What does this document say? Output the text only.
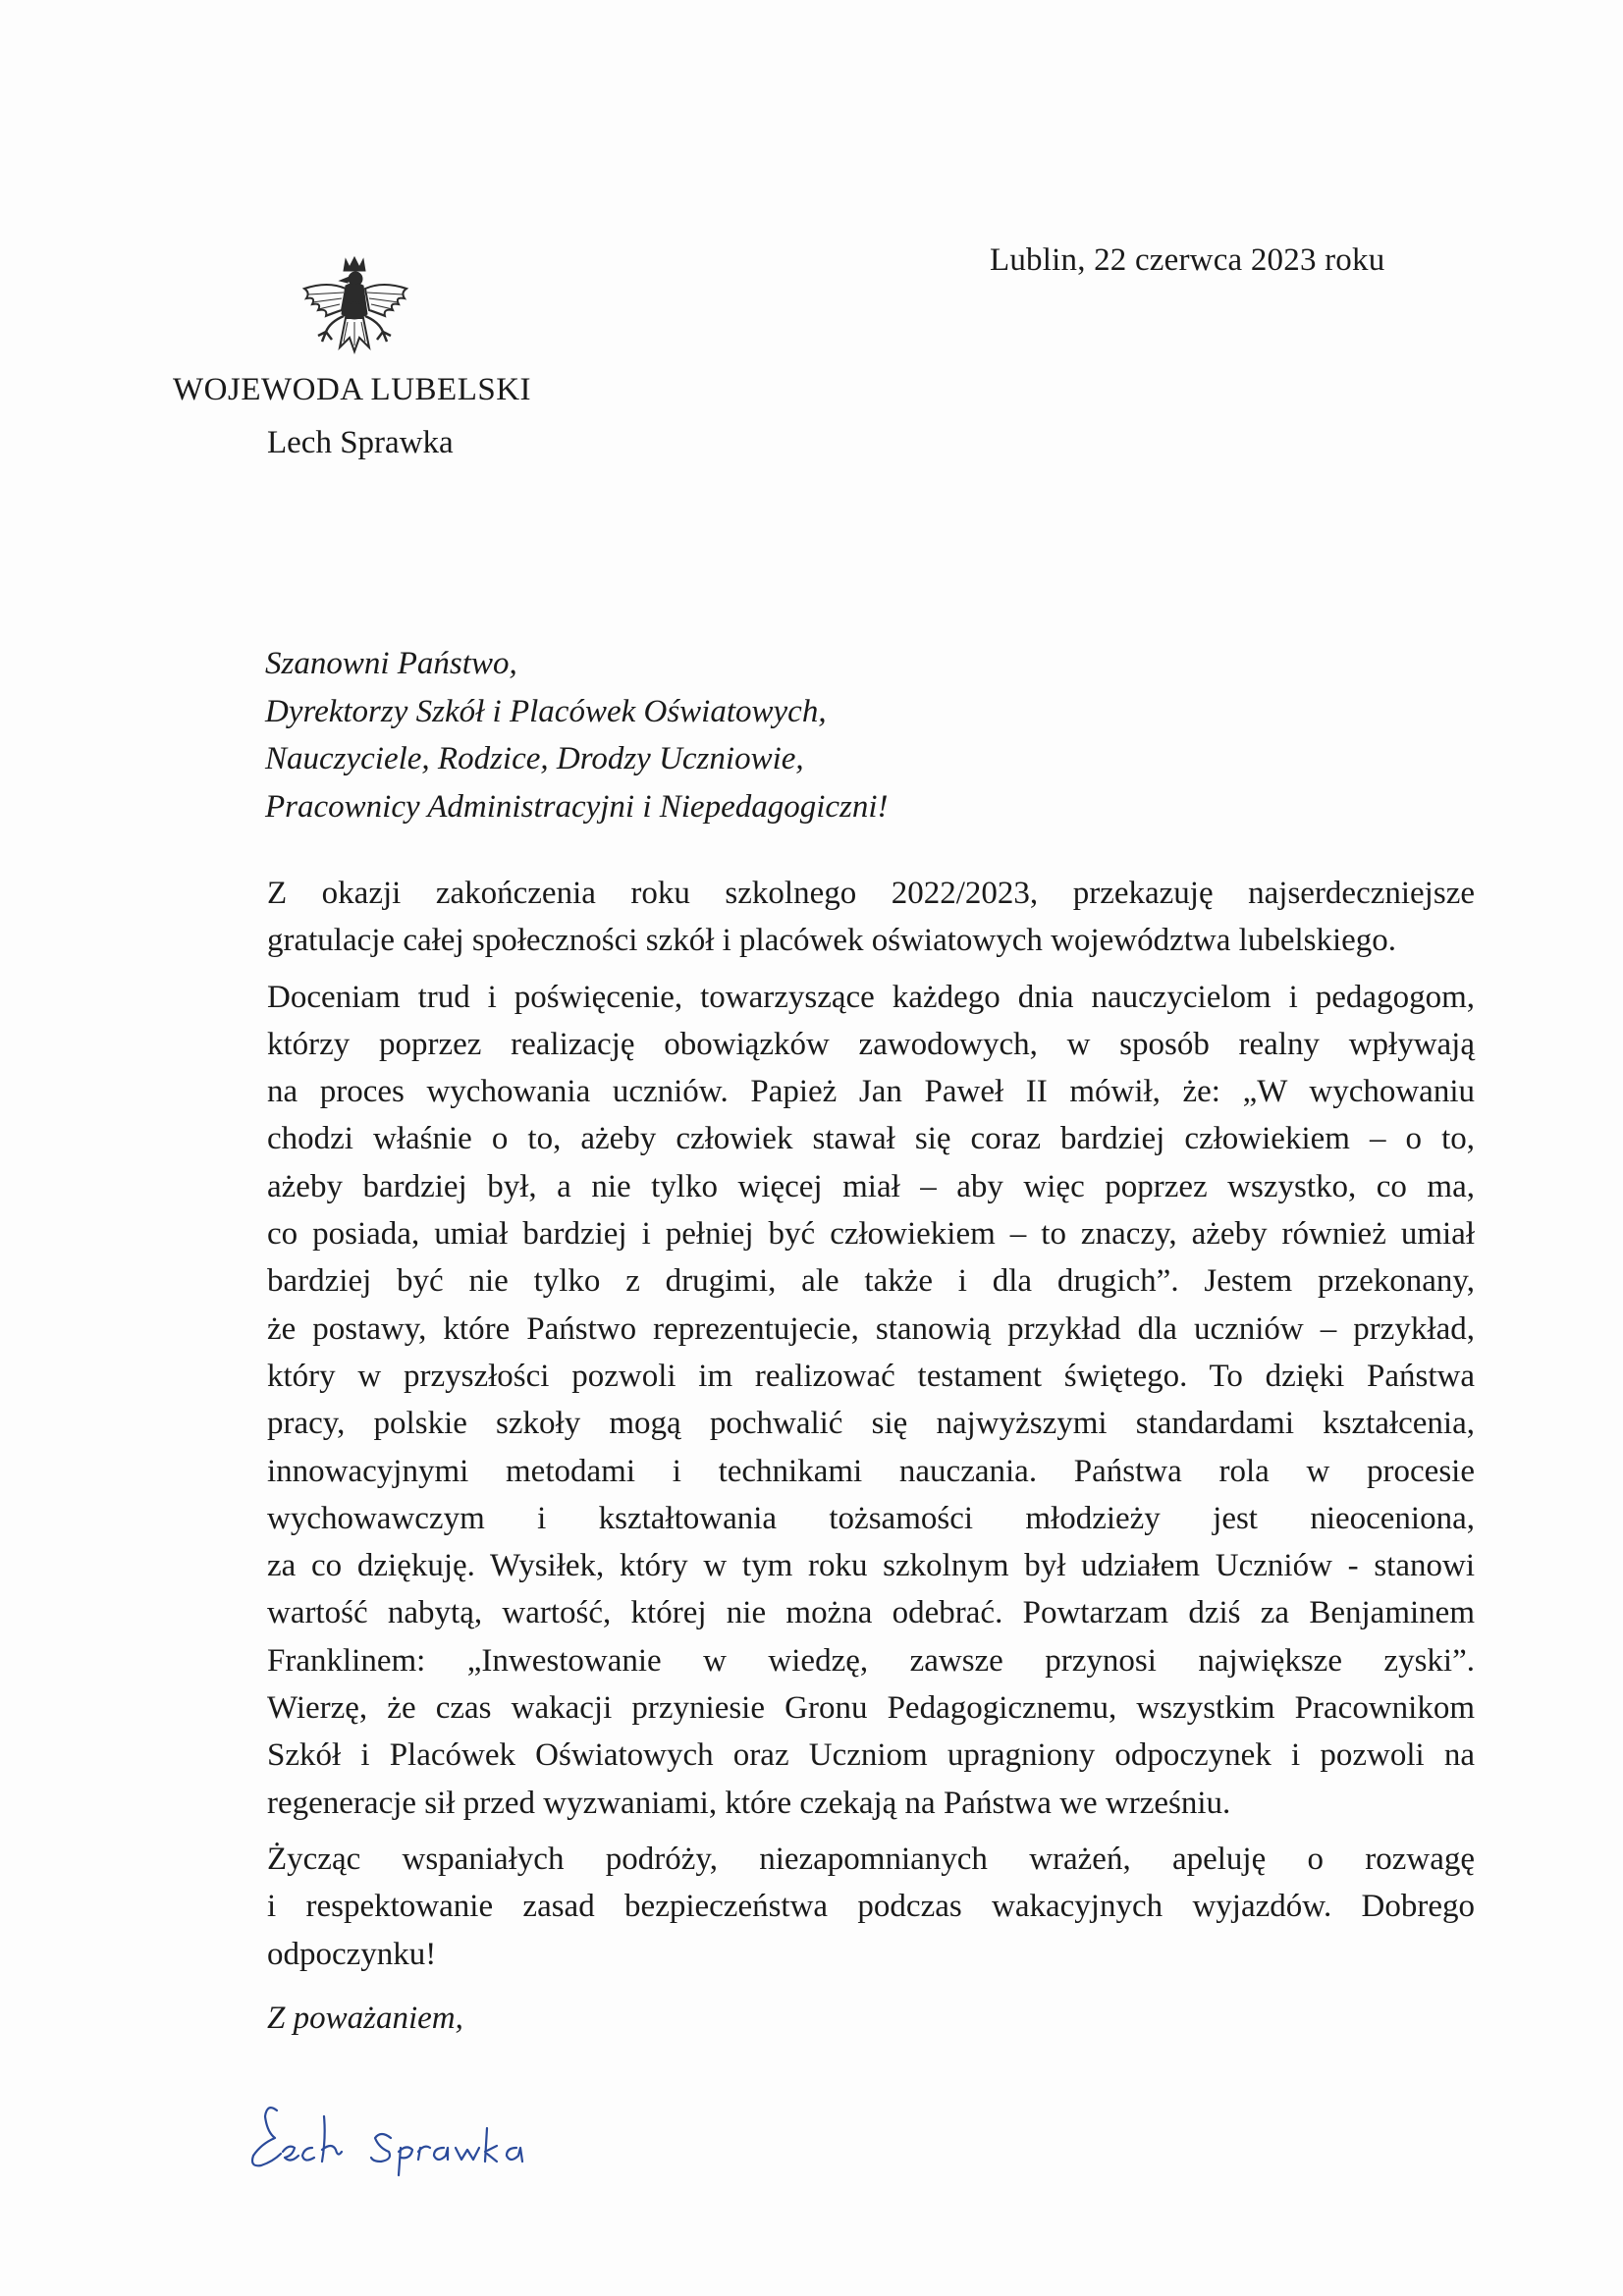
Lublin, 22 czerwca 2023 roku
WOJEWODA LUBELSKI
Lech Sprawka
Szanowni Państwo,
Dyrektorzy Szkół i Placówek Oświatowych,
Nauczyciele, Rodzice, Drodzy Uczniowie,
Pracownicy Administracyjni i Niepedagogiczni!
Z okazji zakończenia roku szkolnego 2022/2023, przekazuję najserdeczniejsze
gratulacje całej społeczności szkół i placówek oświatowych województwa lubelskiego.
Doceniam trud i poświęcenie, towarzyszące każdego dnia nauczycielom i pedagogom,
którzy poprzez realizację obowiązków zawodowych, w sposób realny wpływają
na proces wychowania uczniów. Papież Jan Paweł II mówił, że: „W wychowaniu
chodzi właśnie o to, ażeby człowiek stawał się coraz bardziej człowiekiem – o to,
ażeby bardziej był, a nie tylko więcej miał – aby więc poprzez wszystko, co ma,
co posiada, umiał bardziej i pełniej być człowiekiem – to znaczy, ażeby również umiał
bardziej być nie tylko z drugimi, ale także i dla drugich”. Jestem przekonany,
że postawy, które Państwo reprezentujecie, stanowią przykład dla uczniów – przykład,
który w przyszłości pozwoli im realizować testament świętego. To dzięki Państwa
pracy, polskie szkoły mogą pochwalić się najwyższymi standardami kształcenia,
innowacyjnymi metodami i technikami nauczania. Państwa rola w procesie
wychowawczym i kształtowania tożsamości młodzieży jest nieoceniona,
za co dziękuję. Wysiłek, który w tym roku szkolnym był udziałem Uczniów - stanowi
wartość nabytą, wartość, której nie można odebrać. Powtarzam dziś za Benjaminem
Franklinem: „Inwestowanie w wiedzę, zawsze przynosi największe zyski”.
Wierzę, że czas wakacji przyniesie Gronu Pedagogicznemu, wszystkim Pracownikom
Szkół i Placówek Oświatowych oraz Uczniom upragniony odpoczynek i pozwoli na
regeneracje sił przed wyzwaniami, które czekają na Państwa we wrześniu.
Życząc wspaniałych podróży, niezapomnianych wrażeń, apeluję o rozwagę
i respektowanie zasad bezpieczeństwa podczas wakacyjnych wyjazdów. Dobrego
odpoczynku!
Z poważaniem,
